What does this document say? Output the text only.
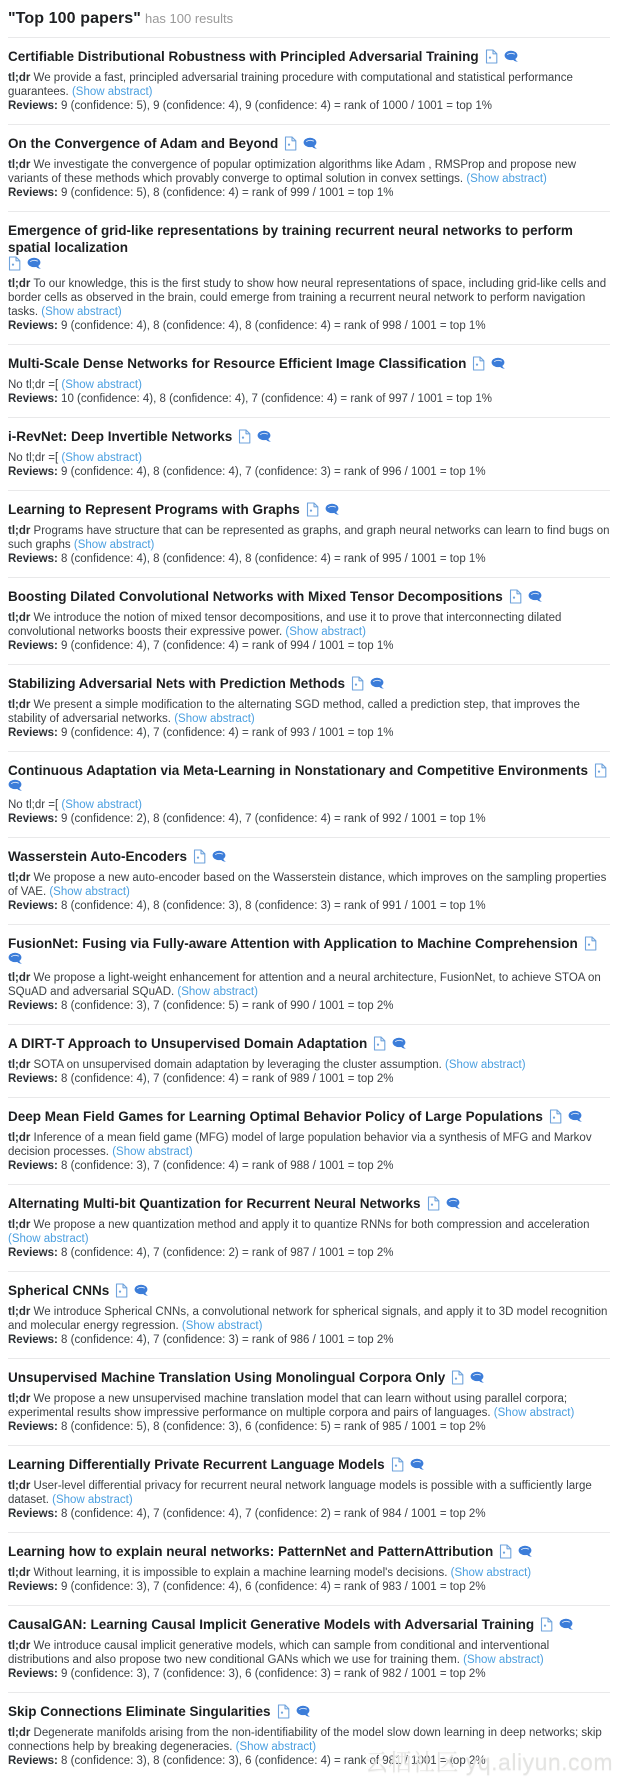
"Top 100 papers" has 100 results
Certifiable Distributional Robustness with Principled Adversarial Training

tl;dr We provide a fast, principled adversarial training procedure with computational and statistical performance guarantees. (Show abstract)

Reviews: 9 (confidence: 5), 9 (confidence: 4), 9 (confidence: 4) = rank of 1000 / 1001 = top 1%

On the Convergence of Adam and Beyond

tl;dr We investigate the convergence of popular optimization algorithms like Adam , RMSProp and propose new variants of these methods which provably converge to optimal solution in convex settings. (Show abstract)

Reviews: 9 (confidence: 5), 8 (confidence: 4) = rank of 999 / 1001 = top 1%

Emergence of grid-like representations by training recurrent neural networks to perform spatial localization

tl;dr To our knowledge, this is the first study to show how neural representations of space, including grid-like cells and border cells as observed in the brain, could emerge from training a recurrent neural network to perform navigation tasks. (Show abstract)

Reviews: 9 (confidence: 4), 8 (confidence: 4), 8 (confidence: 4) = rank of 998 / 1001 = top 1%

Multi-Scale Dense Networks for Resource Efficient Image Classification

No tl;dr =[ (Show abstract)

Reviews: 10 (confidence: 4), 8 (confidence: 4), 7 (confidence: 4) = rank of 997 / 1001 = top 1%

i-RevNet: Deep Invertible Networks

No tl;dr =[ (Show abstract)

Reviews: 9 (confidence: 4), 8 (confidence: 4), 7 (confidence: 3) = rank of 996 / 1001 = top 1%

Learning to Represent Programs with Graphs

tl;dr Programs have structure that can be represented as graphs, and graph neural networks can learn to find bugs on such graphs (Show abstract)

Reviews: 8 (confidence: 4), 8 (confidence: 4), 8 (confidence: 4) = rank of 995 / 1001 = top 1%

Boosting Dilated Convolutional Networks with Mixed Tensor Decompositions

tl;dr We introduce the notion of mixed tensor decompositions, and use it to prove that interconnecting dilated convolutional networks boosts their expressive power. (Show abstract)

Reviews: 9 (confidence: 4), 7 (confidence: 4) = rank of 994 / 1001 = top 1%

Stabilizing Adversarial Nets with Prediction Methods

tl;dr We present a simple modification to the alternating SGD method, called a prediction step, that improves the stability of adversarial networks. (Show abstract)

Reviews: 9 (confidence: 4), 7 (confidence: 4) = rank of 993 / 1001 = top 1%

Continuous Adaptation via Meta-Learning in Nonstationary and Competitive Environments

No tl;dr =[ (Show abstract)

Reviews: 9 (confidence: 2), 8 (confidence: 4), 7 (confidence: 4) = rank of 992 / 1001 = top 1%

Wasserstein Auto-Encoders

tl;dr We propose a new auto-encoder based on the Wasserstein distance, which improves on the sampling properties of VAE. (Show abstract)

Reviews: 8 (confidence: 4), 8 (confidence: 3), 8 (confidence: 3) = rank of 991 / 1001 = top 1%

FusionNet: Fusing via Fully-aware Attention with Application to Machine Comprehension

tl;dr We propose a light-weight enhancement for attention and a neural architecture, FusionNet, to achieve STOA on SQuAD and adversarial SQuAD. (Show abstract)

Reviews: 8 (confidence: 3), 7 (confidence: 5) = rank of 990 / 1001 = top 2%

A DIRT-T Approach to Unsupervised Domain Adaptation

tl;dr SOTA on unsupervised domain adaptation by leveraging the cluster assumption. (Show abstract)

Reviews: 8 (confidence: 4), 7 (confidence: 4) = rank of 989 / 1001 = top 2%

Deep Mean Field Games for Learning Optimal Behavior Policy of Large Populations

tl;dr Inference of a mean field game (MFG) model of large population behavior via a synthesis of MFG and Markov decision processes. (Show abstract)

Reviews: 8 (confidence: 3), 7 (confidence: 4) = rank of 988 / 1001 = top 2%

Alternating Multi-bit Quantization for Recurrent Neural Networks

tl;dr We propose a new quantization method and apply it to quantize RNNs for both compression and acceleration (Show abstract)

Reviews: 8 (confidence: 4), 7 (confidence: 2) = rank of 987 / 1001 = top 2%

Spherical CNNs

tl;dr We introduce Spherical CNNs, a convolutional network for spherical signals, and apply it to 3D model recognition and molecular energy regression. (Show abstract)

Reviews: 8 (confidence: 4), 7 (confidence: 3) = rank of 986 / 1001 = top 2%

Unsupervised Machine Translation Using Monolingual Corpora Only

tl;dr We propose a new unsupervised machine translation model that can learn without using parallel corpora; experimental results show impressive performance on multiple corpora and pairs of languages. (Show abstract)

Reviews: 8 (confidence: 5), 8 (confidence: 3), 6 (confidence: 5) = rank of 985 / 1001 = top 2%

Learning Differentially Private Recurrent Language Models

tl;dr User-level differential privacy for recurrent neural network language models is possible with a sufficiently large dataset. (Show abstract)

Reviews: 8 (confidence: 4), 7 (confidence: 4), 7 (confidence: 2) = rank of 984 / 1001 = top 2%

Learning how to explain neural networks: PatternNet and PatternAttribution

tl;dr Without learning, it is impossible to explain a machine learning model's decisions. (Show abstract)

Reviews: 9 (confidence: 3), 7 (confidence: 4), 6 (confidence: 4) = rank of 983 / 1001 = top 2%

CausalGAN: Learning Causal Implicit Generative Models with Adversarial Training

tl;dr We introduce causal implicit generative models, which can sample from conditional and interventional distributions and also propose two new conditional GANs which we use for training them. (Show abstract)

Reviews: 9 (confidence: 3), 7 (confidence: 3), 6 (confidence: 3) = rank of 982 / 1001 = top 2%

Skip Connections Eliminate Singularities

tl;dr Degenerate manifolds arising from the non-identifiability of the model slow down learning in deep networks; skip connections help by breaking degeneracies. (Show abstract)

Reviews: 8 (confidence: 3), 8 (confidence: 3), 6 (confidence: 4) = rank of 981 / 1001 = top 2%

云栖社区 yq.aliyun.com
